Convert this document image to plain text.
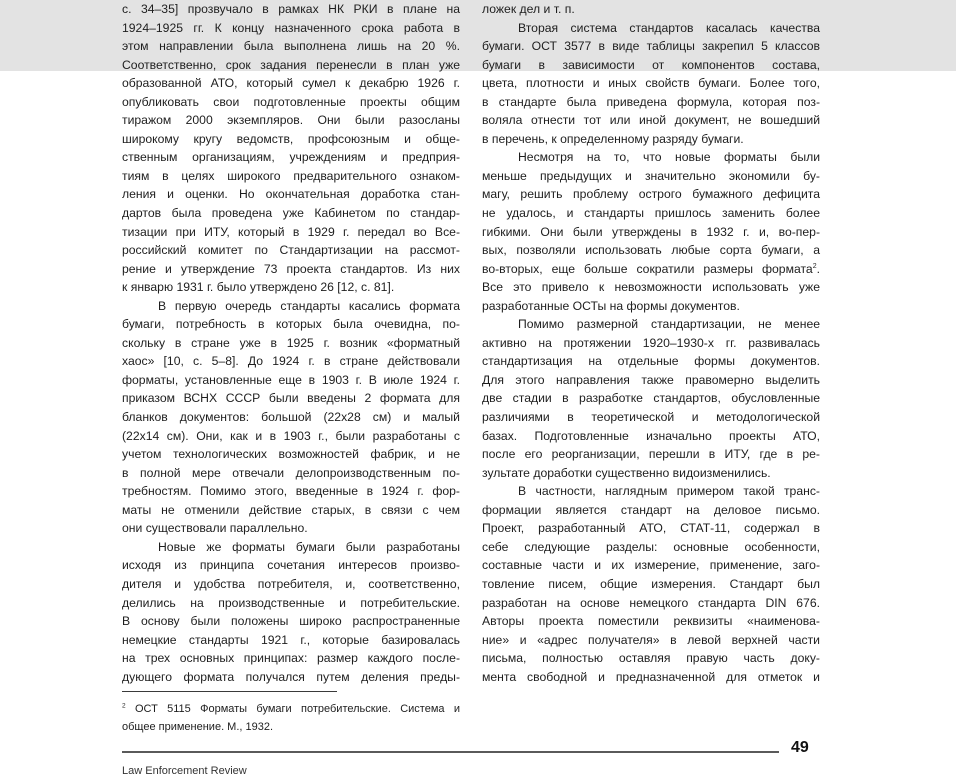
с. 34–35] прозвучало в рамках НК РКИ в плане на
1924–1925 гг. К концу назначенного срока работа в
этом направлении была выполнена лишь на 20 %.
Соответственно, срок задания перенесли в план уже
образованной АТО, который сумел к декабрю 1926 г.
опубликовать свои подготовленные проекты общим
тиражом 2000 экземпляров. Они были разосланы
широкому кругу ведомств, профсоюзным и обще-
ственным организациям, учреждениям и предприя-
тиям в целях широкого предварительного ознаком-
ления и оценки. Но окончательная доработка стан-
дартов была проведена уже Кабинетом по стандар-
тизации при ИТУ, который в 1929 г. передал во Все-
российский комитет по Стандартизации на рассмот-
рение и утверждение 73 проекта стандартов. Из них
к январю 1931 г. было утверждено 26 [12, с. 81].
В первую очередь стандарты касались формата
бумаги, потребность в которых была очевидна, по-
скольку в стране уже в 1925 г. возник «форматный
хаос» [10, с. 5–8]. До 1924 г. в стране действовали
форматы, установленные еще в 1903 г. В июле 1924 г.
приказом ВСНХ СССР были введены 2 формата для
бланков документов: большой (22x28 см) и малый
(22x14 см). Они, как и в 1903 г., были разработаны с
учетом технологических возможностей фабрик, и не
в полной мере отвечали делопроизводственным по-
требностям. Помимо этого, введенные в 1924 г. фор-
маты не отменили действие старых, в связи с чем
они существовали параллельно.
Новые же форматы бумаги были разработаны
исходя из принципа сочетания интересов произво-
дителя и удобства потребителя, и, соответственно,
делились на производственные и потребительские.
В основу были положены широко распространенные
немецкие стандарты 1921 г., которые базировалась
на трех основных принципах: размер каждого после-
дующего формата получался путем деления преды-
ложек дел и т. п.
Вторая система стандартов касалась качества
бумаги. ОСТ 3577 в виде таблицы закрепил 5 классов
бумаги в зависимости от компонентов состава,
цвета, плотности и иных свойств бумаги. Более того,
в стандарте была приведена формула, которая поз-
воляла отнести тот или иной документ, не вошедший
в перечень, к определенному разряду бумаги.
Несмотря на то, что новые форматы были
меньше предыдущих и значительно экономили бу-
магу, решить проблему острого бумажного дефицита
не удалось, и стандарты пришлось заменить более
гибкими. Они были утверждены в 1932 г. и, во-пер-
вых, позволяли использовать любые сорта бумаги, а
во-вторых, еще больше сократили размеры формата$^2$.
Все это привело к невозможности использовать уже
разработанные ОСТы на формы документов.
Помимо размерной стандартизации, не менее
активно на протяжении 1920–1930-х гг. развивалась
стандартизация на отдельные формы документов.
Для этого направления также правомерно выделить
две стадии в разработке стандартов, обусловленные
различиями в теоретической и методологической
базах. Подготовленные изначально проекты АТО,
после его реорганизации, перешли в ИТУ, где в ре-
зультате доработки существенно видоизменились.
В частности, наглядным примером такой транс-
формации является стандарт на деловое письмо.
Проект, разработанный АТО, СТАТ-11, содержал в
себе следующие разделы: основные особенности,
составные части и их измерение, применение, заго-
товление писем, общие измерения. Стандарт был
разработан на основе немецкого стандарта DIN 676.
Авторы проекта поместили реквизиты «наименова-
ние» и «адрес получателя» в левой верхней части
письма, полностью оставляя правую часть доку-
мента свободной и предназначенной для отметок и
$^2$ ОСТ 5115 Форматы бумаги потребительские. Система и
общее применение. М., 1932.
49
Law Enforcement Review
